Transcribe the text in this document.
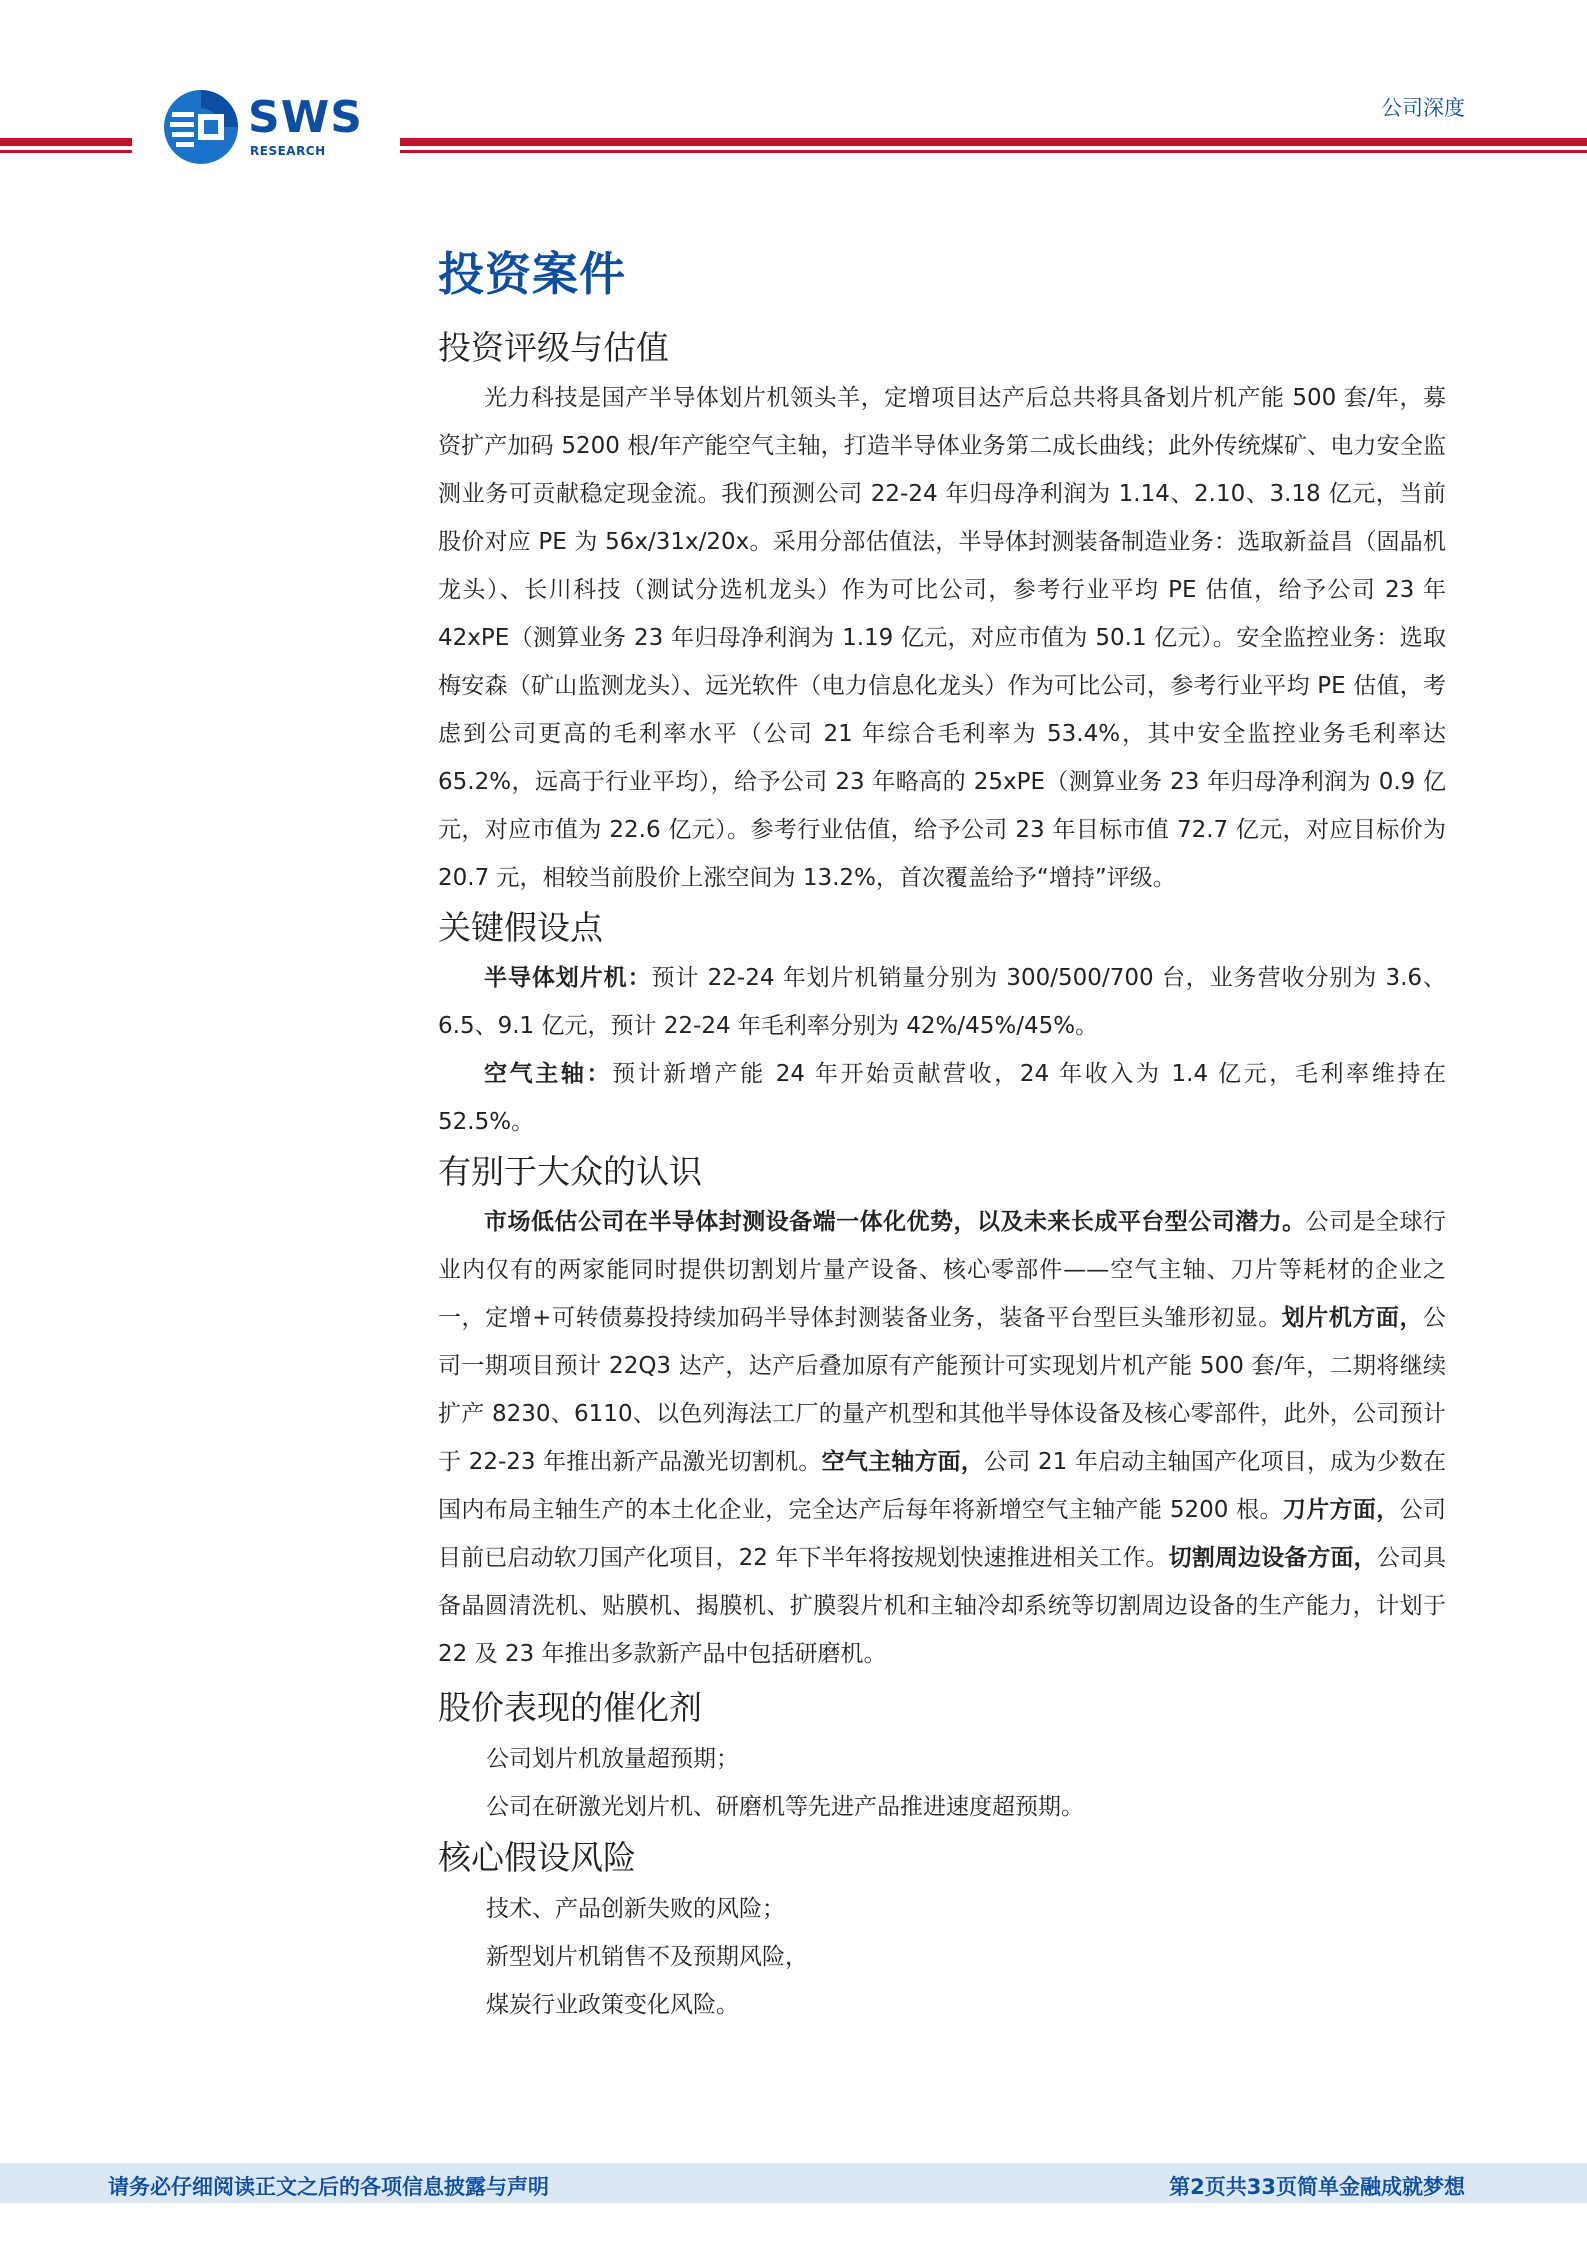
SWS
RESEARCH
公司深度
投资案件
投资评级与估值
光力科技是国产半导体划片机领头羊，定增项目达产后总共将具备划片机产能 500 套/年，募资扩产加码 5200 根/年产能空气主轴，打造半导体业务第二成长曲线；此外传统煤矿、电力安全监测业务可贡献稳定现金流。我们预测公司 22-24 年归母净利润为 1.14、2.10、3.18 亿元，当前股价对应 PE 为 56x/31x/20x。采用分部估值法，半导体封测装备制造业务：选取新益昌（固晶机龙头）、长川科技（测试分选机龙头）作为可比公司，参考行业平均 PE 估值，给予公司 23 年 42xPE（测算业务 23 年归母净利润为 1.19 亿元，对应市值为 50.1 亿元）。安全监控业务：选取梅安森（矿山监测龙头）、远光软件（电力信息化龙头）作为可比公司，参考行业平均 PE 估值，考虑到公司更高的毛利率水平（公司 21 年综合毛利率为 53.4%，其中安全监控业务毛利率达 65.2%，远高于行业平均），给予公司 23 年略高的 25xPE（测算业务 23 年归母净利润为 0.9 亿元，对应市值为 22.6 亿元）。参考行业估值，给予公司 23 年目标市值 72.7 亿元，对应目标价为 20.7 元，相较当前股价上涨空间为 13.2%，首次覆盖给予“增持”评级。
关键假设点
半导体划片机：预计 22-24 年划片机销量分别为 300/500/700 台，业务营收分别为 3.6、6.5、9.1 亿元，预计 22-24 年毛利率分别为 42%/45%/45%。
空气主轴：预计新增产能 24 年开始贡献营收，24 年收入为 1.4 亿元，毛利率维持在 52.5%。
有别于大众的认识
市场低估公司在半导体封测设备端一体化优势，以及未来长成平台型公司潜力。公司是全球行业内仅有的两家能同时提供切割划片量产设备、核心零部件——空气主轴、刀片等耗材的企业之一，定增+可转债募投持续加码半导体封测装备业务，装备平台型巨头雏形初显。划片机方面，公司一期项目预计 22Q3 达产，达产后叠加原有产能预计可实现划片机产能 500 套/年，二期将继续扩产 8230、6110、以色列海法工厂的量产机型和其他半导体设备及核心零部件，此外，公司预计于 22-23 年推出新产品激光切割机。空气主轴方面，公司 21 年启动主轴国产化项目，成为少数在国内布局主轴生产的本土化企业，完全达产后每年将新增空气主轴产能 5200 根。刀片方面，公司目前已启动软刀国产化项目，22 年下半年将按规划快速推进相关工作。切割周边设备方面，公司具备晶圆清洗机、贴膜机、揭膜机、扩膜裂片机和主轴冷却系统等切割周边设备的生产能力，计划于 22 及 23 年推出多款新产品中包括研磨机。
股价表现的催化剂
公司划片机放量超预期；
公司在研激光划片机、研磨机等先进产品推进速度超预期。
核心假设风险
技术、产品创新失败的风险；
新型划片机销售不及预期风险，
煤炭行业政策变化风险。
请务必仔细阅读正文之后的各项信息披露与声明	第2页共33页简单金融成就梦想
